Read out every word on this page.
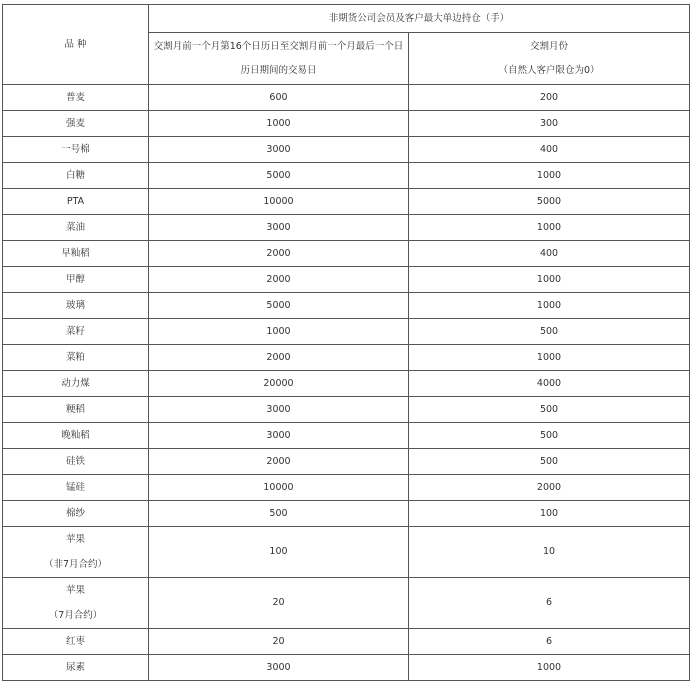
品 种	非期货公司会员及客户最大单边持仓（手）	
	交割月前一个月第16个日历日至交割月前一个月最后一个日历日期间的交易日	交割月份
（自然人客户限仓为0）

普麦	600	200
强麦	1000	300
一号棉	3000	400
白糖	5000	1000
PTA	10000	5000
菜油	3000	1000
早籼稻	2000	400
甲醇	2000	1000
玻璃	5000	1000
菜籽	1000	500
菜粕	2000	1000
动力煤	20000	4000
粳稻	3000	500
晚籼稻	3000	500
硅铁	2000	500
锰硅	10000	2000
棉纱	500	100

苹果
（非7月合约）	100	10

苹果
（7月合约）	20	6
红枣	20	6
尿素	3000	1000
